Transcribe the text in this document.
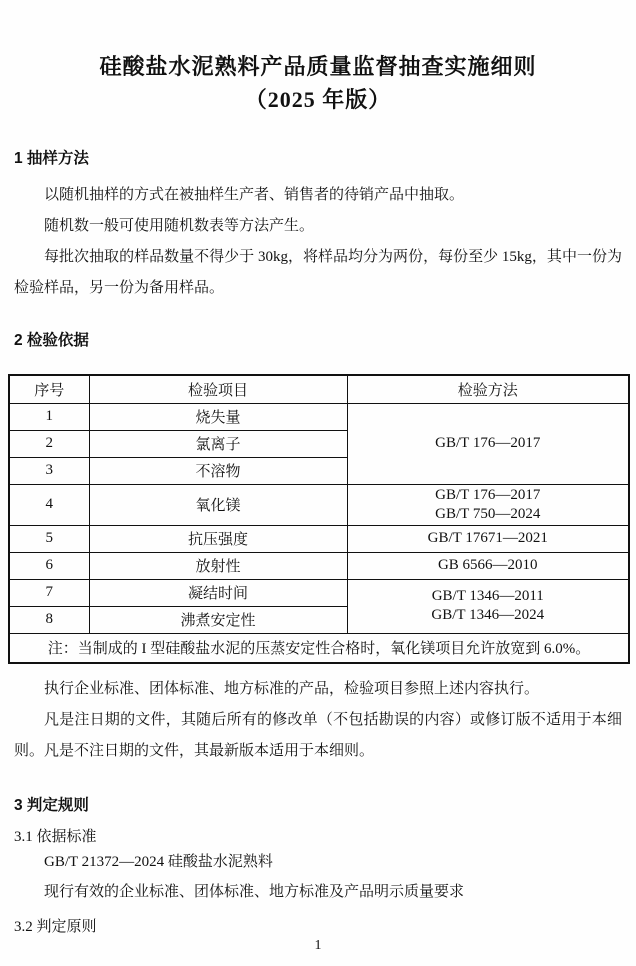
硅酸盐水泥熟料产品质量监督抽查实施细则
（2025 年版）
1 抽样方法

以随机抽样的方式在被抽样生产者、销售者的待销产品中抽取。

随机数一般可使用随机数表等方法产生。

每批次抽取的样品数量不得少于 30kg，将样品均分为两份，每份至少 15kg，其中一份为检验样品，另一份为备用样品。

2 检验依据
序号	检验项目	检验方法
1	烧失量	GB/T 176—2017
2	氯离子	
3	不溶物	
4	氧化镁	GB/T 176—2017
GB/T 750—2024

5	抗压强度	GB/T 17671—2021
6	放射性	GB 6566—2010
7	凝结时间	GB/T 1346—2011
GB/T 1346—2024

8	沸煮安定性	
注：当制成的 I 型硅酸盐水泥的压蒸安定性合格时，氧化镁项目允许放宽到 6.0%。		

执行企业标准、团体标准、地方标准的产品，检验项目参照上述内容执行。

凡是注日期的文件，其随后所有的修改单（不包括勘误的内容）或修订版不适用于本细则。凡是不注日期的文件，其最新版本适用于本细则。

3 判定规则
3.1 依据标准

GB/T 21372—2024 硅酸盐水泥熟料

现行有效的企业标准、团体标准、地方标准及产品明示质量要求

3.2 判定原则
1
